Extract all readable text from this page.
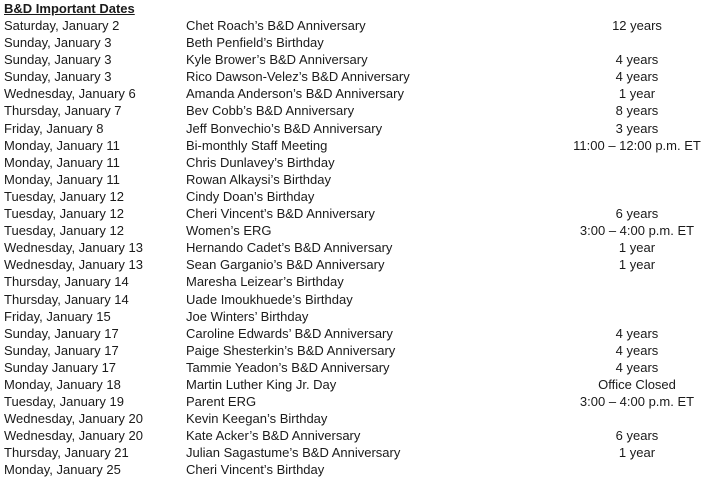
B&D Important Dates
Saturday, January 2	Chet Roach’s B&D Anniversary	12 years
Sunday, January 3	Beth Penfield’s Birthday
Sunday, January 3	Kyle Brower’s B&D Anniversary	4 years
Sunday, January 3	Rico Dawson-Velez’s B&D Anniversary	4 years
Wednesday, January 6	Amanda Anderson’s B&D Anniversary	1 year
Thursday, January 7	Bev Cobb’s B&D Anniversary	8 years
Friday, January 8	Jeff Bonvechio’s B&D Anniversary	3 years
Monday, January 11	Bi-monthly Staff Meeting	11:00 – 12:00 p.m. ET
Monday, January 11	Chris Dunlavey’s Birthday
Monday, January 11	Rowan Alkaysi’s Birthday
Tuesday, January 12	Cindy Doan’s Birthday
Tuesday, January 12	Cheri Vincent’s B&D Anniversary	6 years
Tuesday, January 12	Women’s ERG	3:00 – 4:00 p.m. ET
Wednesday, January 13	Hernando Cadet’s B&D Anniversary	1 year
Wednesday, January 13	Sean Garganio’s B&D Anniversary	1 year
Thursday, January 14	Maresha Leizear’s Birthday
Thursday, January 14	Uade Imoukhuede’s Birthday
Friday, January 15	Joe Winters’ Birthday
Sunday, January 17	Caroline Edwards’ B&D Anniversary	4 years
Sunday, January 17	Paige Shesterkin’s B&D Anniversary	4 years
Sunday January 17	Tammie Yeadon’s B&D Anniversary	4 years
Monday, January 18	Martin Luther King Jr. Day	Office Closed
Tuesday, January 19	Parent ERG	3:00 – 4:00 p.m. ET
Wednesday, January 20	Kevin Keegan’s Birthday
Wednesday, January 20	Kate Acker’s B&D Anniversary	6 years
Thursday, January 21	Julian Sagastume’s B&D Anniversary	1 year
Monday, January 25	Cheri Vincent’s Birthday
